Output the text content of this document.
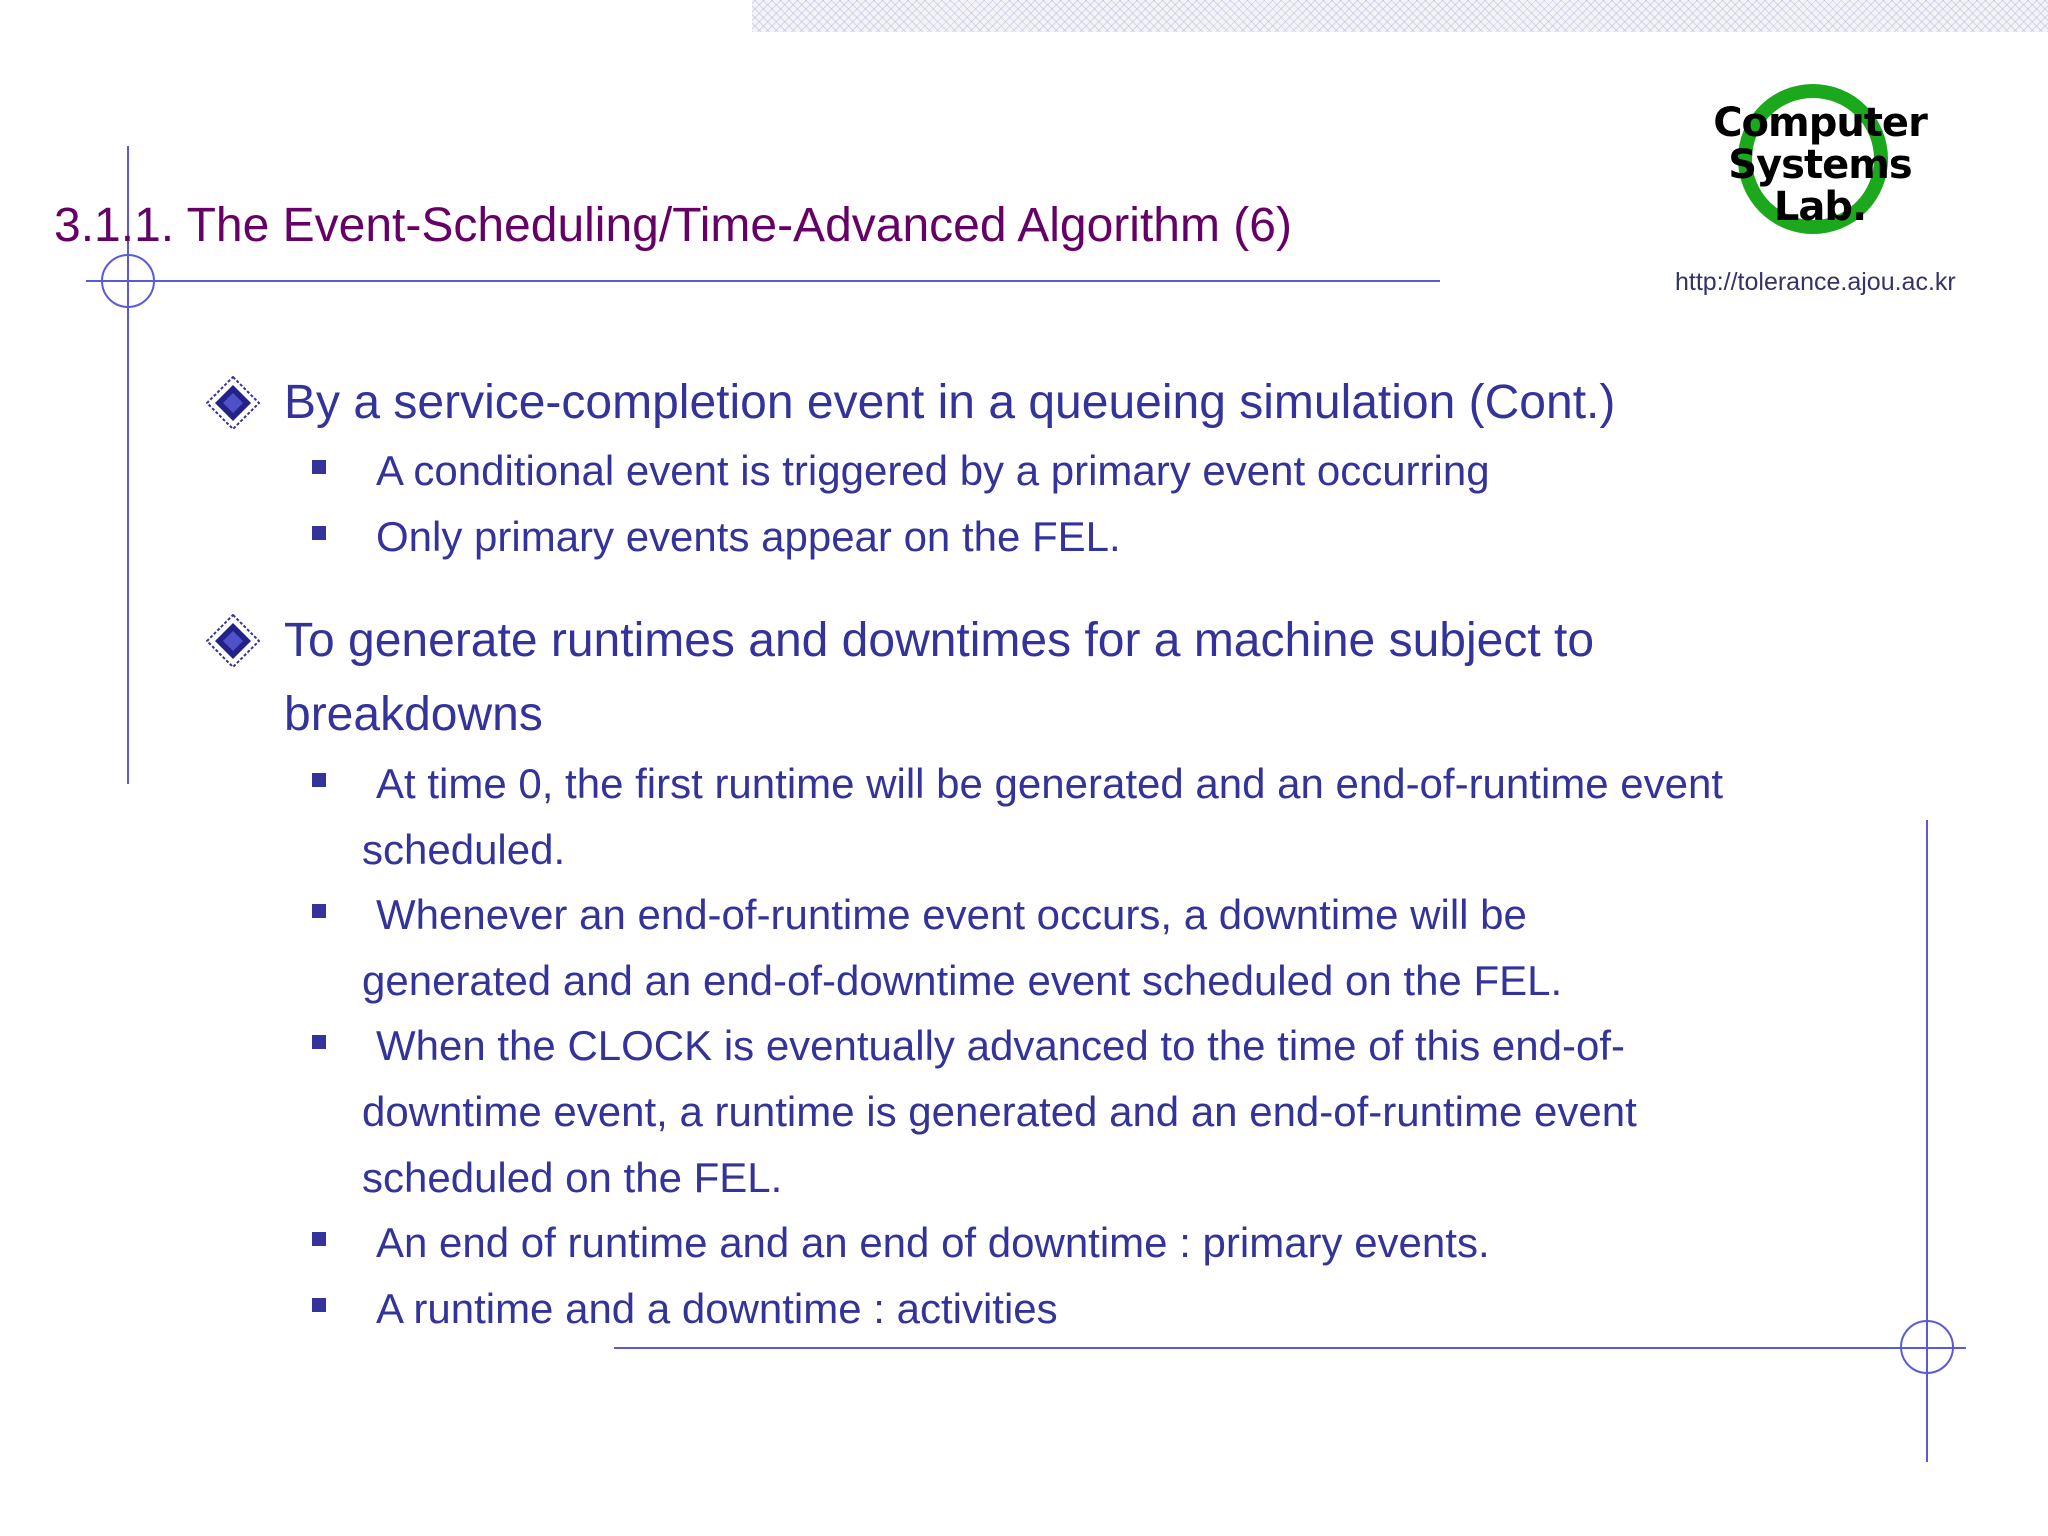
3.1.1. The Event-Scheduling/Time-Advanced Algorithm (6)
Computer
Systems
Lab.
http://tolerance.ajou.ac.kr
By a service-completion event in a queueing simulation (Cont.)
A conditional event is triggered by a primary event occurring
Only primary events appear on the FEL.
To generate runtimes and downtimes for a machine subject to breakdowns
At time 0, the first runtime will be generated and an end-of-runtime event scheduled.
Whenever an end-of-runtime event occurs, a downtime will be generated and an end-of-downtime event scheduled on the FEL.
When the CLOCK is eventually advanced to the time of this end-of-downtime event, a runtime is generated and an end-of-runtime event scheduled on the FEL.
An end of runtime and an end of downtime : primary events.
A runtime and a downtime : activities
